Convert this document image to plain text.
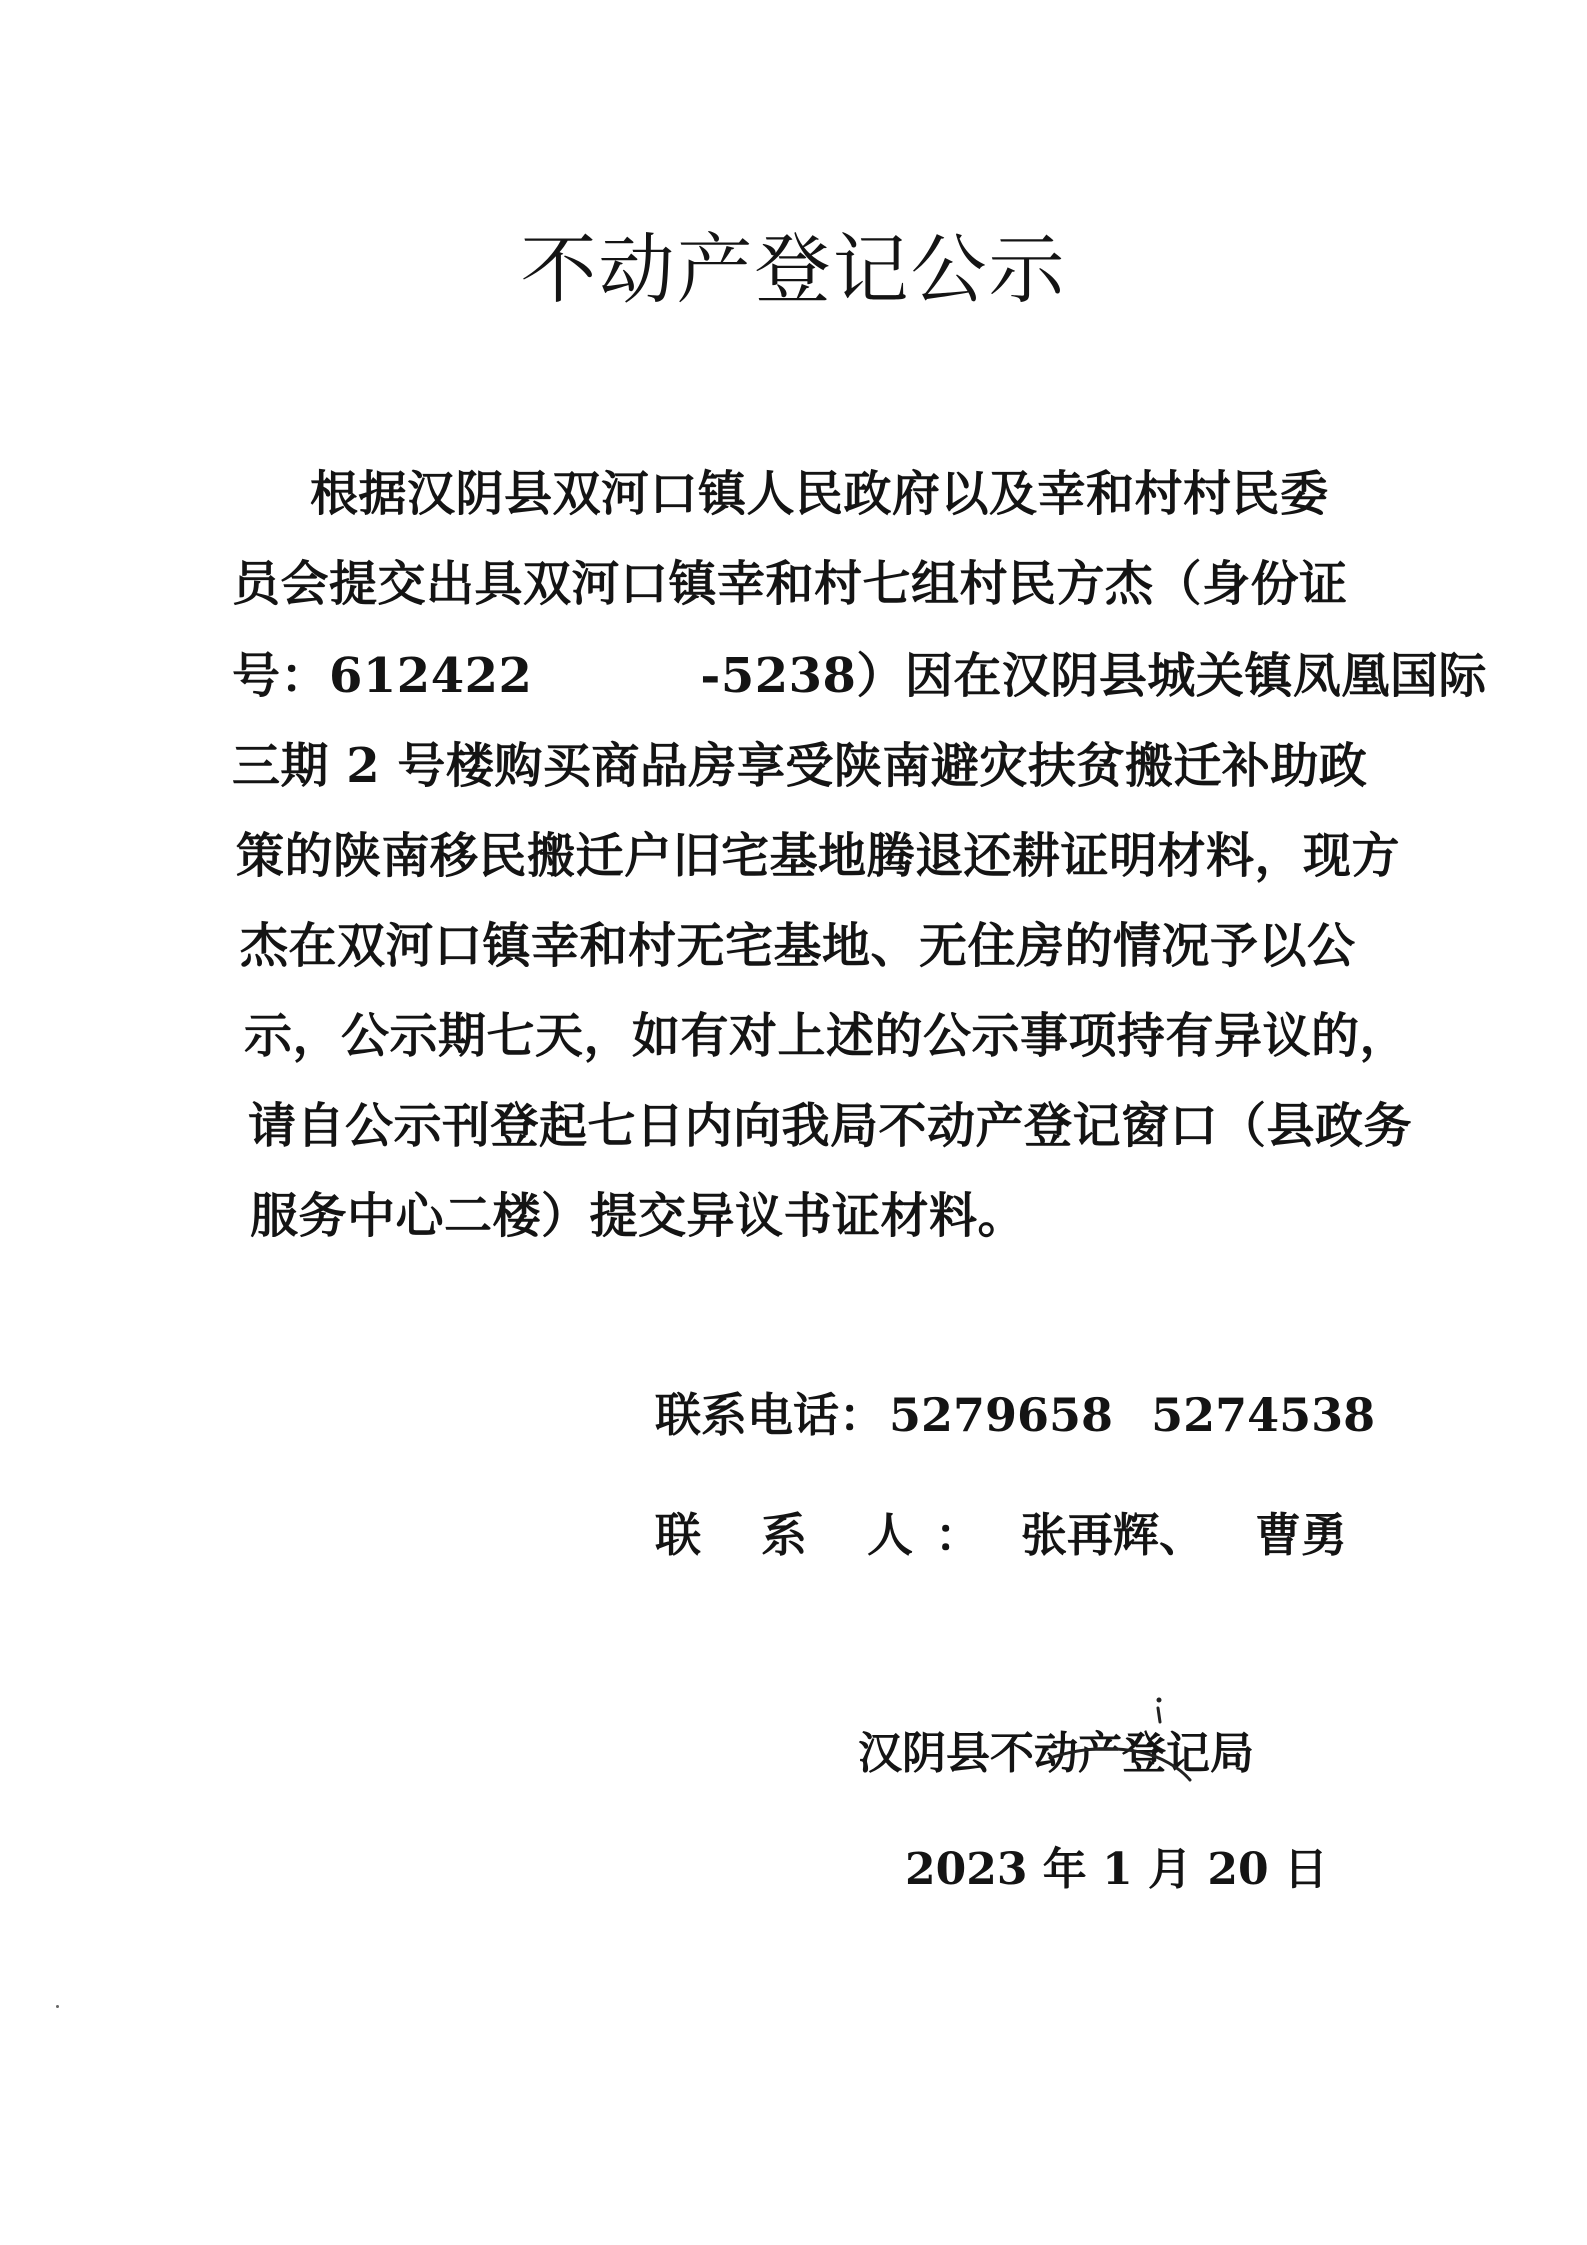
不动产登记公示
根据汉阴县双河口镇人民政府以及幸和村村民委
员会提交出具双河口镇幸和村七组村民方杰（身份证
号：612422	-5238）因在汉阴县城关镇凤凰国际
三期 2 号楼购买商品房享受陕南避灾扶贫搬迁补助政
策的陕南移民搬迁户旧宅基地腾退还耕证明材料，现方
杰在双河口镇幸和村无宅基地、无住房的情况予以公
示，公示期七天，如有对上述的公示事项持有异议的，
请自公示刊登起七日内向我局不动产登记窗口（县政务
服务中心二楼）提交异议书证材料。
联系电话：5279658 5274538
联 系 人： 张再辉、 曹勇
汉阴县不动产登记局
2023 年 1 月 20 日
